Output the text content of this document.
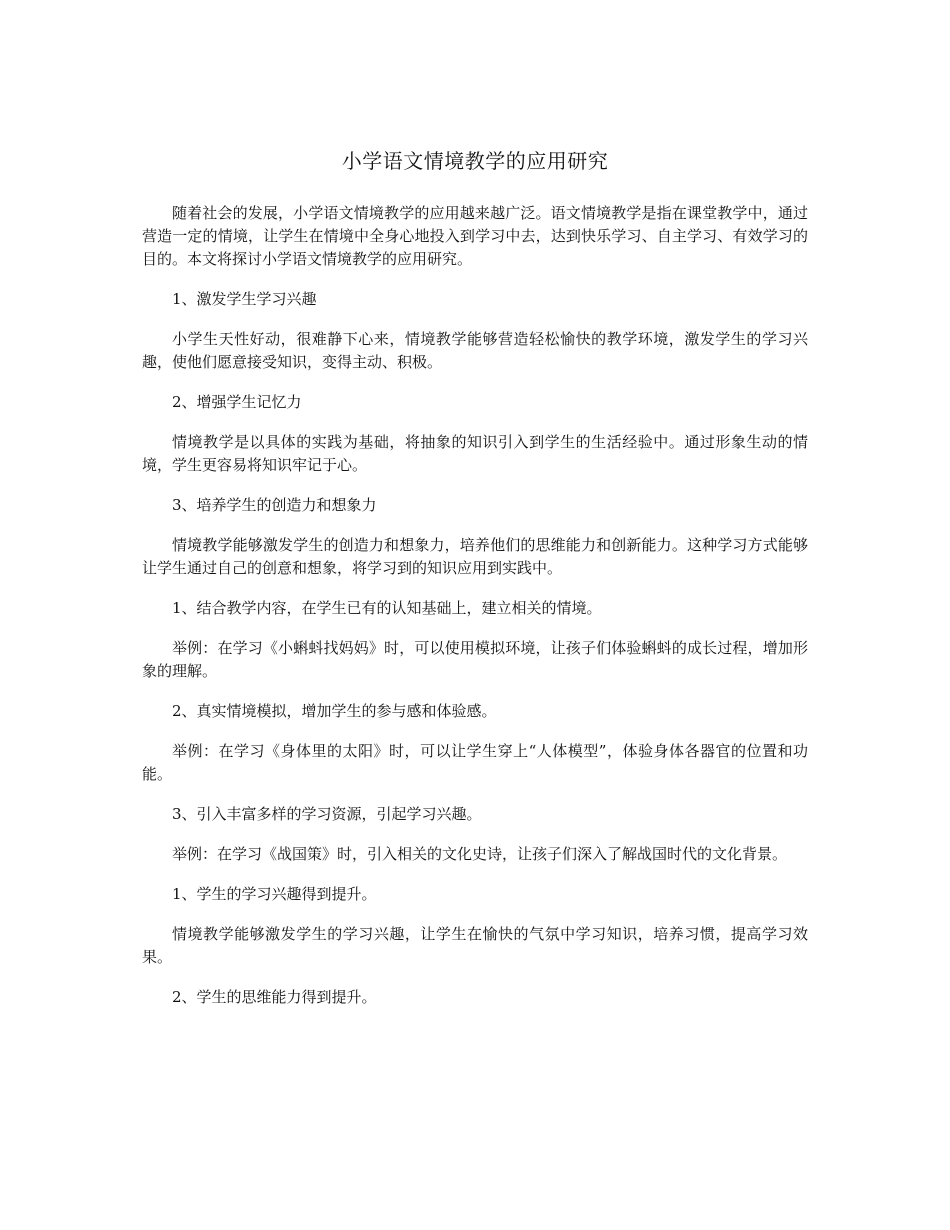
小学语文情境教学的应用研究

随着社会的发展，小学语文情境教学的应用越来越广泛。语文情境教学是指在课堂教学中，通过营造一定的情境，让学生在情境中全身心地投入到学习中去，达到快乐学习、自主学习、有效学习的目的。本文将探讨小学语文情境教学的应用研究。

1、激发学生学习兴趣

小学生天性好动，很难静下心来，情境教学能够营造轻松愉快的教学环境，激发学生的学习兴趣，使他们愿意接受知识，变得主动、积极。

2、增强学生记忆力

情境教学是以具体的实践为基础，将抽象的知识引入到学生的生活经验中。通过形象生动的情境，学生更容易将知识牢记于心。

3、培养学生的创造力和想象力

情境教学能够激发学生的创造力和想象力，培养他们的思维能力和创新能力。这种学习方式能够让学生通过自己的创意和想象，将学习到的知识应用到实践中。

1、结合教学内容，在学生已有的认知基础上，建立相关的情境。

举例：在学习《小蝌蚪找妈妈》时，可以使用模拟环境，让孩子们体验蝌蚪的成长过程，增加形象的理解。

2、真实情境模拟，增加学生的参与感和体验感。

举例：在学习《身体里的太阳》时，可以让学生穿上“人体模型”，体验身体各器官的位置和功能。

3、引入丰富多样的学习资源，引起学习兴趣。

举例：在学习《战国策》时，引入相关的文化史诗，让孩子们深入了解战国时代的文化背景。

1、学生的学习兴趣得到提升。

情境教学能够激发学生的学习兴趣，让学生在愉快的气氛中学习知识，培养习惯，提高学习效果。

2、学生的思维能力得到提升。
